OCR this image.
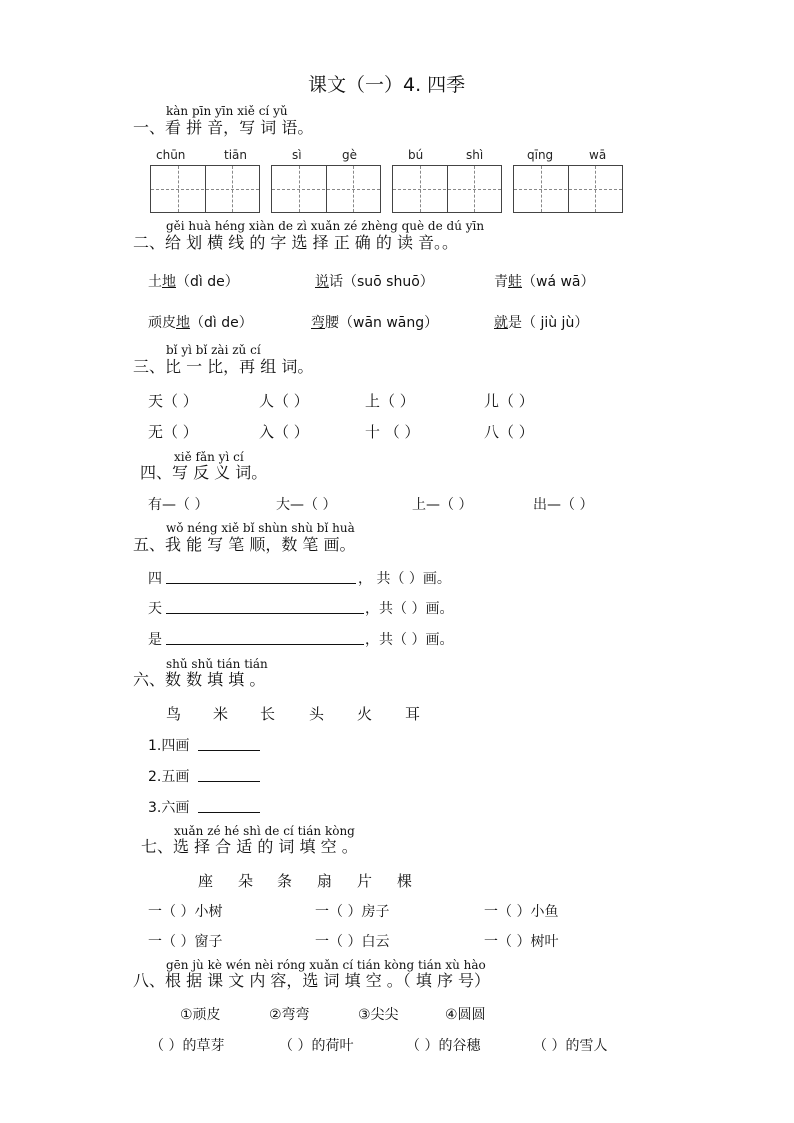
课文（一）4. 四季
kàn pīn yīn xiě cí yǔ
一、看 拼 音，写 词 语。
chūn	tiān	sì	gè	bú	shì	qīng	wā
gěi huà héng xiàn de zì xuǎn zé zhèng què de dú yīn
二、给 划 横 线 的 字 选 择 正 确 的 读 音。。
土地（dì de）	说话（suō shuō）	青蛙（wá wā）
顽皮地（dì de）	弯腰（wān wāng）	就是（ jiù jù）
bǐ yì bǐ zài zǔ cí
三、比 一 比，再 组 词。
天（ ）	人（ ）	上（ ）	儿（ ）
无（ ）	入（ ）	十 （ ）	八（ ）
xiě fǎn yì cí
四、写 反 义 词。
有—（ ）	大—（ ）	上—（ ）	出—（ ）
wǒ néng xiě bǐ shùn shù bǐ huà
五、我 能 写 笔 顺，数 笔 画。
四	， 共（ ）画。
天	，共（ ）画。
是	，共（ ）画。
shǔ shǔ tián tián
六、数 数 填 填 。
鸟 米 长 头 火 耳
1.四画
2.五画
3.六画
xuǎn zé hé shì de cí tián kòng
七、选 择 合 适 的 词 填 空 。
座 朵 条 扇 片 棵
一（ ）小树	一（ ）房子	一（ ）小鱼
一（ ）窗子	一（ ）白云	一（ ）树叶
gēn jù kè wén nèi róng xuǎn cí tián kòng tián xù hào
八、根 据 课 文 内 容，选 词 填 空 。（ 填 序 号）
①顽皮	②弯弯	③尖尖	④圆圆
（ ）的草芽	（ ）的荷叶	（ ）的谷穗	（ ）的雪人
